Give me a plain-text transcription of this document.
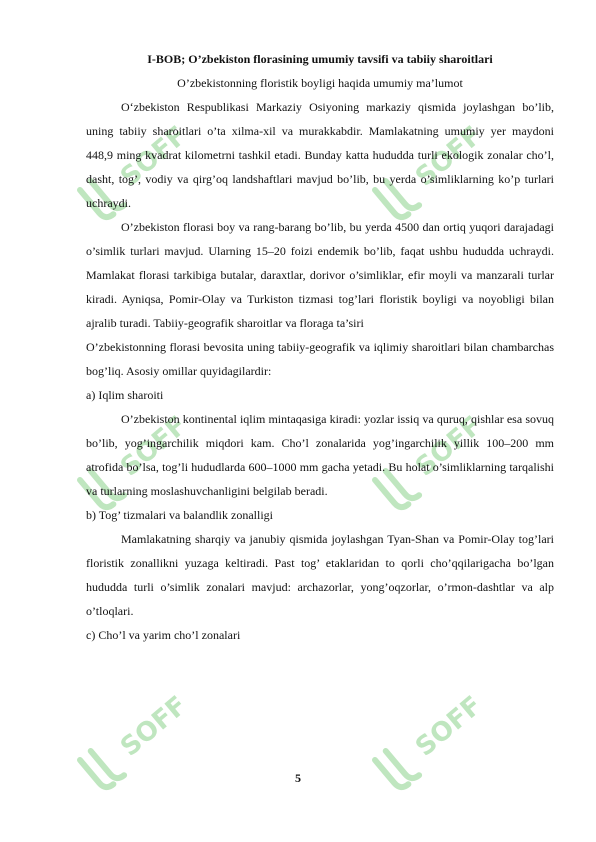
SOFF	SOFF
SOFF	SOFF
SOFF	SOFF

I-BOB; O’zbekiston florasining umumiy tavsifi va tabiiy sharoitlari

O’zbekistonning floristik boyligi haqida umumiy ma’lumot

O‘zbekiston Respublikasi Markaziy Osiyoning markaziy qismida joylashgan bo’lib, uning tabiiy sharoitlari o’ta xilma-xil va murakkabdir. Mamlakatning umumiy yer maydoni 448,9 ming kvadrat kilometrni tashkil etadi. Bunday katta hududda turli ekologik zonalar cho’l, dasht, tog’, vodiy va qirg’oq landshaftlari mavjud bo’lib, bu yerda o’simliklarning ko’p turlari uchraydi.

O’zbekiston florasi boy va rang-barang bo’lib, bu yerda 4500 dan ortiq yuqori darajadagi o’simlik turlari mavjud. Ularning 15–20 foizi endemik bo’lib, faqat ushbu hududda uchraydi. Mamlakat florasi tarkibiga butalar, daraxtlar, dorivor o’simliklar, efir moyli va manzarali turlar kiradi. Ayniqsa, Pomir-Olay va Turkiston tizmasi tog’lari floristik boyligi va noyobligi bilan ajralib turadi. Tabiiy-geografik sharoitlar va floraga ta’siri

O’zbekistonning florasi bevosita uning tabiiy-geografik va iqlimiy sharoitlari bilan chambarchas bog’liq. Asosiy omillar quyidagilardir:

a) Iqlim sharoiti

O’zbekiston kontinental iqlim mintaqasiga kiradi: yozlar issiq va quruq, qishlar esa sovuq bo’lib, yog’ingarchilik miqdori kam. Cho’l zonalarida yog’ingarchilik yillik 100–200 mm atrofida bo’lsa, tog’li hududlarda 600–1000 mm gacha yetadi. Bu holat o’simliklarning tarqalishi va turlarning moslashuvchanligini belgilab beradi.

b) Tog’ tizmalari va balandlik zonalligi

Mamlakatning sharqiy va janubiy qismida joylashgan Tyan-Shan va Pomir-Olay tog’lari floristik zonallikni yuzaga keltiradi. Past tog’ etaklaridan to qorli cho’qqilarigacha bo’lgan hududda turli o’simlik zonalari mavjud: archazorlar, yong’oqzorlar, o’rmon-dashtlar va alp o’tloqlari.

c) Cho’l va yarim cho’l zonalari

5
